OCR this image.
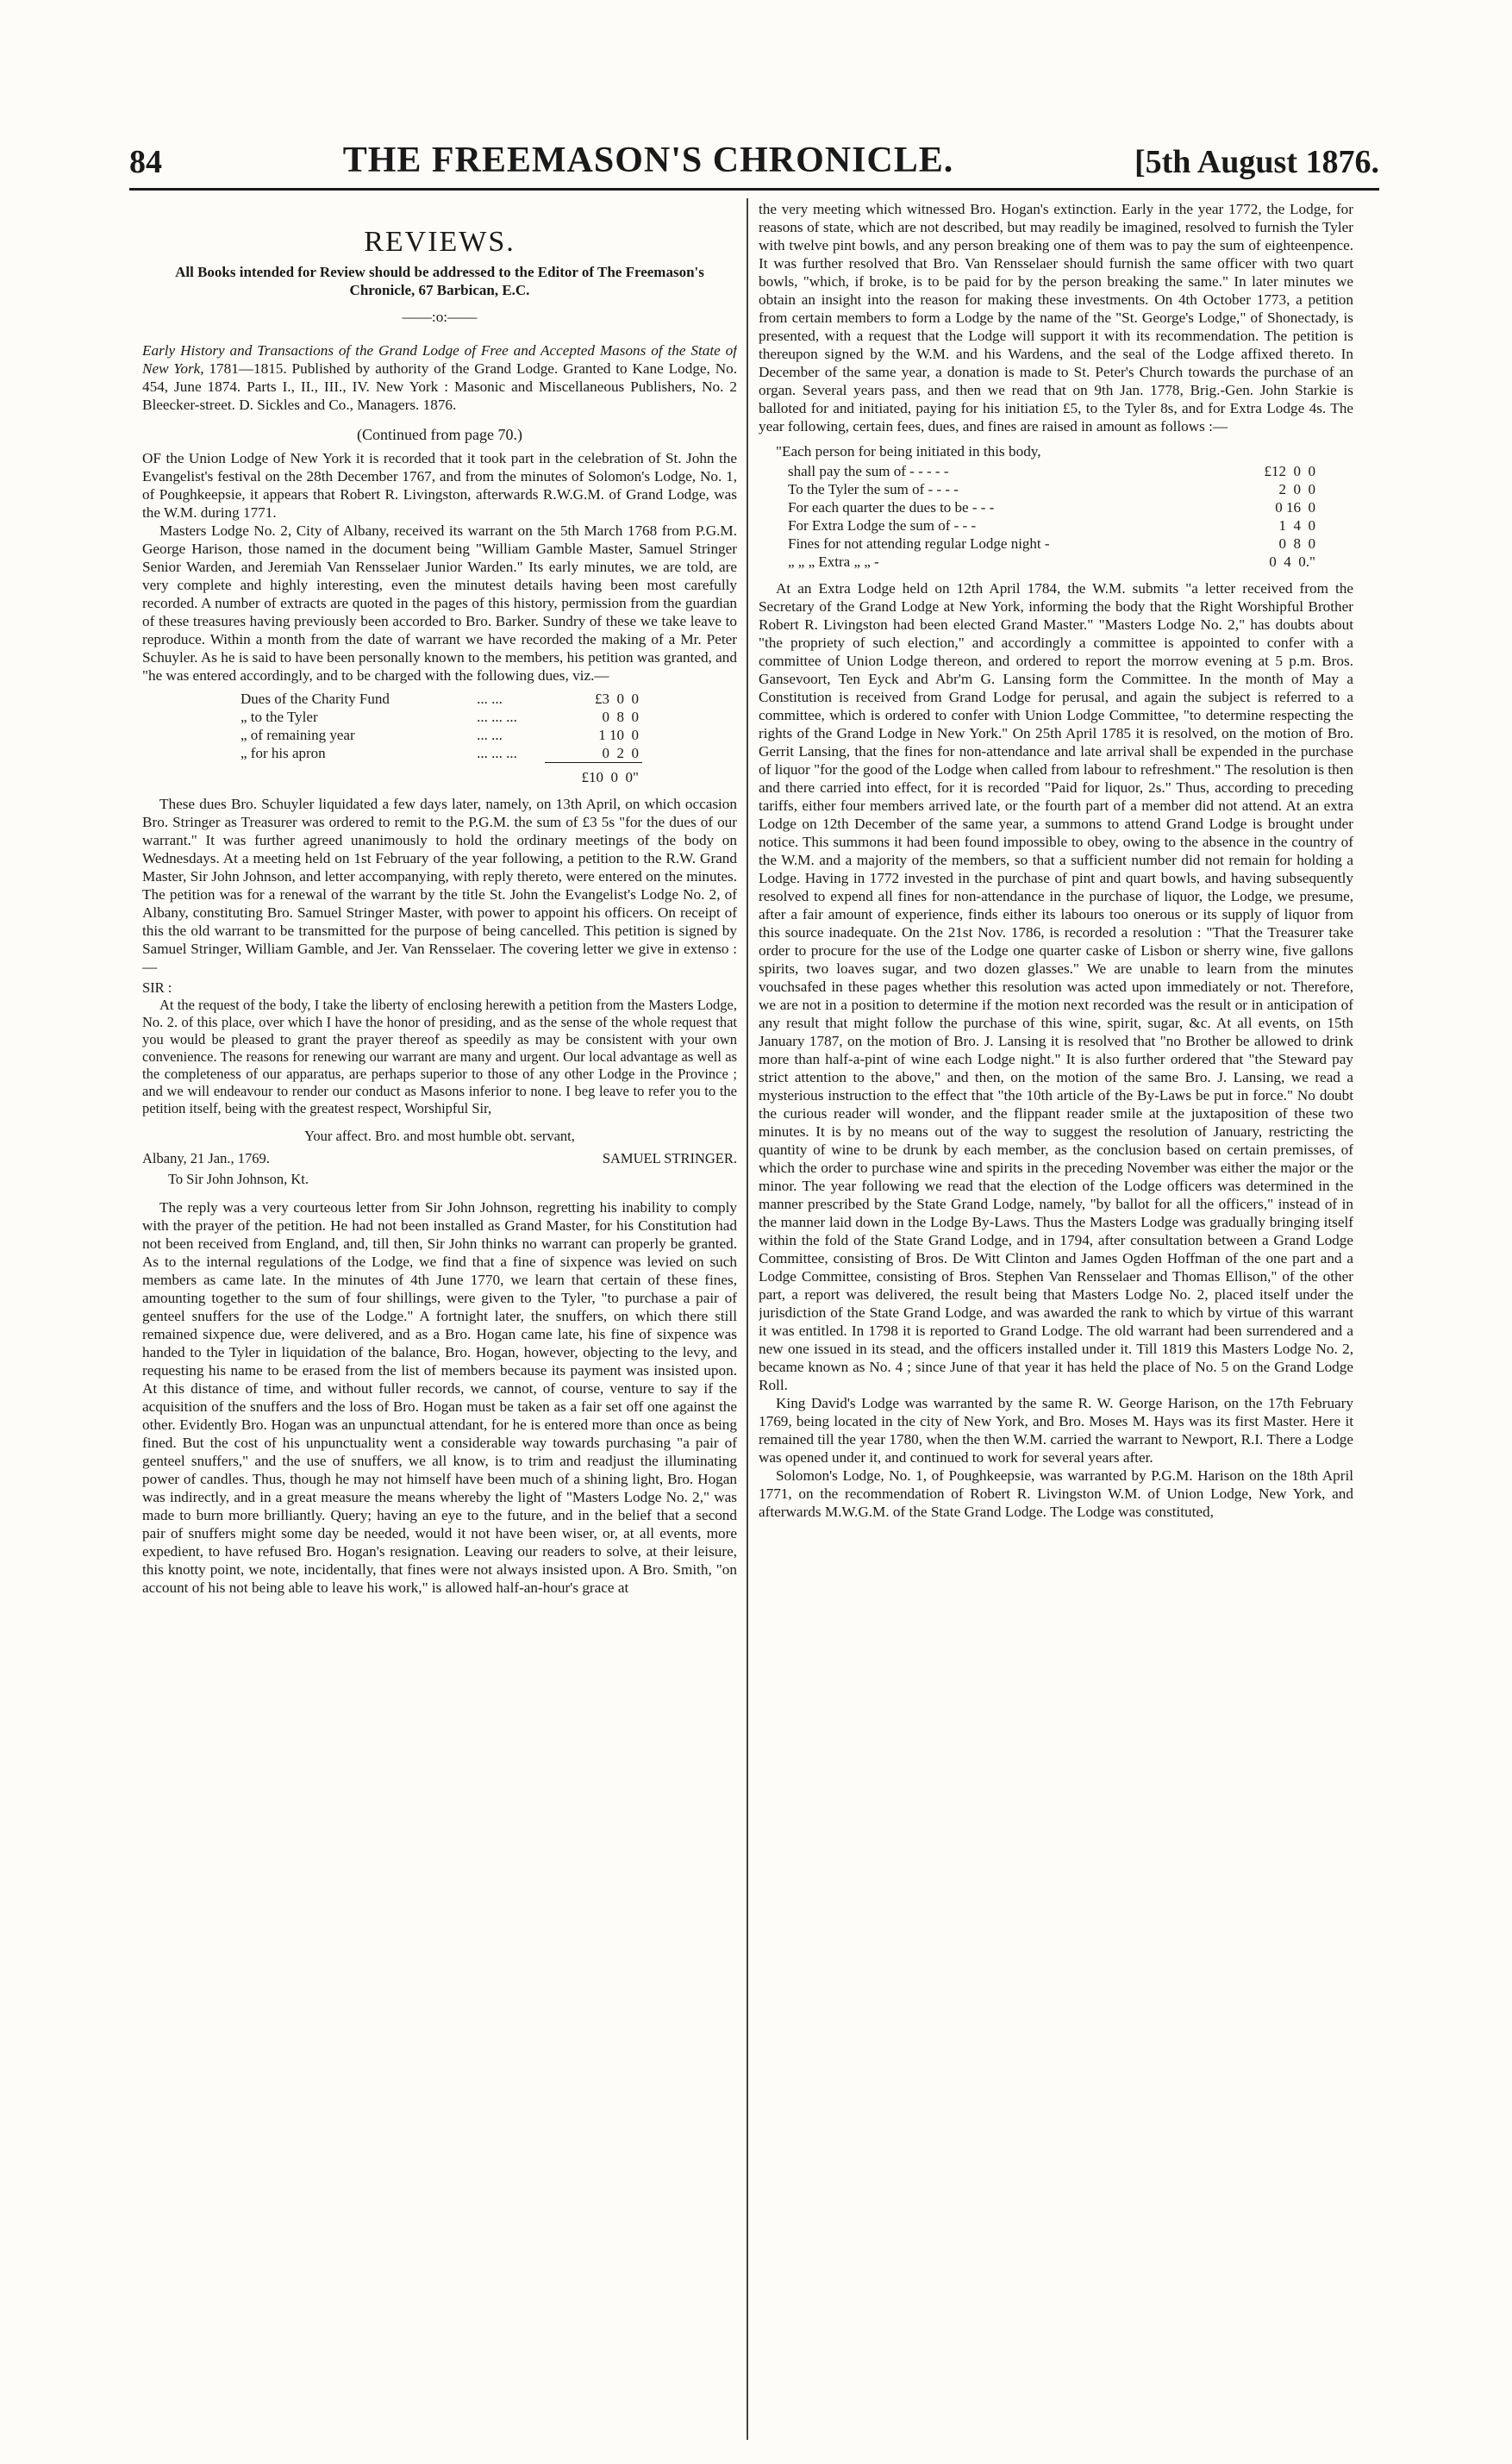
84	THE FREEMASON'S CHRONICLE.	[5th August 1876.
REVIEWS.
All Books intended for Review should be addressed to the Editor of The Freemason's Chronicle, 67 Barbican, E.C.
——:o:——

Early History and Transactions of the Grand Lodge of Free and Accepted Masons of the State of New York, 1781—1815. Published by authority of the Grand Lodge. Granted to Kane Lodge, No. 454, June 1874. Parts I., II., III., IV. New York : Masonic and Miscellaneous Publishers, No. 2 Bleecker-street. D. Sickles and Co., Managers. 1876.

(Continued from page 70.)

OF the Union Lodge of New York it is recorded that it took part in the celebration of St. John the Evangelist's festival on the 28th December 1767, and from the minutes of Solomon's Lodge, No. 1, of Poughkeepsie, it appears that Robert R. Livingston, afterwards R.W.G.M. of Grand Lodge, was the W.M. during 1771.

Masters Lodge No. 2, City of Albany, received its warrant on the 5th March 1768 from P.G.M. George Harison, those named in the document being "William Gamble Master, Samuel Stringer Senior Warden, and Jeremiah Van Rensselaer Junior Warden." Its early minutes, we are told, are very complete and highly interesting, even the minutest details having been most carefully recorded. A number of extracts are quoted in the pages of this history, permission from the guardian of these treasures having previously been accorded to Bro. Barker. Sundry of these we take leave to reproduce. Within a month from the date of warrant we have recorded the making of a Mr. Peter Schuyler. As he is said to have been personally known to the members, his petition was granted, and "he was entered accordingly, and to be charged with the following dues, viz.—

Dues of the Charity Fund	... ...	£3  0  0
„ to the Tyler	... ... ...	0  8  0
„ of remaining year	... ...	1 10  0
„ for his apron	... ... ...	0  2  0
		£10  0  0"

These dues Bro. Schuyler liquidated a few days later, namely, on 13th April, on which occasion Bro. Stringer as Treasurer was ordered to remit to the P.G.M. the sum of £3 5s "for the dues of our warrant." It was further agreed unanimously to hold the ordinary meetings of the body on Wednesdays. At a meeting held on 1st February of the year following, a petition to the R.W. Grand Master, Sir John Johnson, and letter accompanying, with reply thereto, were entered on the minutes. The petition was for a renewal of the warrant by the title St. John the Evangelist's Lodge No. 2, of Albany, constituting Bro. Samuel Stringer Master, with power to appoint his officers. On receipt of this the old warrant to be transmitted for the purpose of being cancelled. This petition is signed by Samuel Stringer, William Gamble, and Jer. Van Rensselaer. The covering letter we give in extenso :—

SIR :

At the request of the body, I take the liberty of enclosing herewith a petition from the Masters Lodge, No. 2. of this place, over which I have the honor of presiding, and as the sense of the whole request that you would be pleased to grant the prayer thereof as speedily as may be consistent with your own convenience. The reasons for renewing our warrant are many and urgent. Our local advantage as well as the completeness of our apparatus, are perhaps superior to those of any other Lodge in the Province ; and we will endeavour to render our conduct as Masons inferior to none. I beg leave to refer you to the petition itself, being with the greatest respect, Worshipful Sir,

Your affect. Bro. and most humble obt. servant,

Albany, 21 Jan., 1769.	SAMUEL STRINGER.

To Sir John Johnson, Kt.

The reply was a very courteous letter from Sir John Johnson, regretting his inability to comply with the prayer of the petition. He had not been installed as Grand Master, for his Constitution had not been received from England, and, till then, Sir John thinks no warrant can properly be granted. As to the internal regulations of the Lodge, we find that a fine of sixpence was levied on such members as came late. In the minutes of 4th June 1770, we learn that certain of these fines, amounting together to the sum of four shillings, were given to the Tyler, "to purchase a pair of genteel snuffers for the use of the Lodge." A fortnight later, the snuffers, on which there still remained sixpence due, were delivered, and as a Bro. Hogan came late, his fine of sixpence was handed to the Tyler in liquidation of the balance, Bro. Hogan, however, objecting to the levy, and requesting his name to be erased from the list of members because its payment was insisted upon. At this distance of time, and without fuller records, we cannot, of course, venture to say if the acquisition of the snuffers and the loss of Bro. Hogan must be taken as a fair set off one against the other. Evidently Bro. Hogan was an unpunctual attendant, for he is entered more than once as being fined. But the cost of his unpunctuality went a considerable way towards purchasing "a pair of genteel snuffers," and the use of snuffers, we all know, is to trim and readjust the illuminating power of candles. Thus, though he may not himself have been much of a shining light, Bro. Hogan was indirectly, and in a great measure the means whereby the light of "Masters Lodge No. 2," was made to burn more brilliantly. Query; having an eye to the future, and in the belief that a second pair of snuffers might some day be needed, would it not have been wiser, or, at all events, more expedient, to have refused Bro. Hogan's resignation. Leaving our readers to solve, at their leisure, this knotty point, we note, incidentally, that fines were not always insisted upon. A Bro. Smith, "on account of his not being able to leave his work," is allowed half-an-hour's grace at

the very meeting which witnessed Bro. Hogan's extinction. Early in the year 1772, the Lodge, for reasons of state, which are not described, but may readily be imagined, resolved to furnish the Tyler with twelve pint bowls, and any person breaking one of them was to pay the sum of eighteenpence. It was further resolved that Bro. Van Rensselaer should furnish the same officer with two quart bowls, "which, if broke, is to be paid for by the person breaking the same." In later minutes we obtain an insight into the reason for making these investments. On 4th October 1773, a petition from certain members to form a Lodge by the name of the "St. George's Lodge," of Shonectady, is presented, with a request that the Lodge will support it with its recommendation. The petition is thereupon signed by the W.M. and his Wardens, and the seal of the Lodge affixed thereto. In December of the same year, a donation is made to St. Peter's Church towards the purchase of an organ. Several years pass, and then we read that on 9th Jan. 1778, Brig.-Gen. John Starkie is balloted for and initiated, paying for his initiation £5, to the Tyler 8s, and for Extra Lodge 4s. The year following, certain fees, dues, and fines are raised in amount as follows :—

"Each person for being initiated in this body,

shall pay the sum of - - - - -	£12  0  0
To the Tyler the sum of - - - -	2  0  0
For each quarter the dues to be - - -	0 16  0
For Extra Lodge the sum of - - -	1  4  0
Fines for not attending regular Lodge night -	0  8  0
„ „ „ Extra „ „ -	0  4  0."

At an Extra Lodge held on 12th April 1784, the W.M. submits "a letter received from the Secretary of the Grand Lodge at New York, informing the body that the Right Worshipful Brother Robert R. Livingston had been elected Grand Master." "Masters Lodge No. 2," has doubts about "the propriety of such election," and accordingly a committee is appointed to confer with a committee of Union Lodge thereon, and ordered to report the morrow evening at 5 p.m. Bros. Gansevoort, Ten Eyck and Abr'm G. Lansing form the Committee. In the month of May a Constitution is received from Grand Lodge for perusal, and again the subject is referred to a committee, which is ordered to confer with Union Lodge Committee, "to determine respecting the rights of the Grand Lodge in New York." On 25th April 1785 it is resolved, on the motion of Bro. Gerrit Lansing, that the fines for non-attendance and late arrival shall be expended in the purchase of liquor "for the good of the Lodge when called from labour to refreshment." The resolution is then and there carried into effect, for it is recorded "Paid for liquor, 2s." Thus, according to preceding tariffs, either four members arrived late, or the fourth part of a member did not attend. At an extra Lodge on 12th December of the same year, a summons to attend Grand Lodge is brought under notice. This summons it had been found impossible to obey, owing to the absence in the country of the W.M. and a majority of the members, so that a sufficient number did not remain for holding a Lodge. Having in 1772 invested in the purchase of pint and quart bowls, and having subsequently resolved to expend all fines for non-attendance in the purchase of liquor, the Lodge, we presume, after a fair amount of experience, finds either its labours too onerous or its supply of liquor from this source inadequate. On the 21st Nov. 1786, is recorded a resolution : "That the Treasurer take order to procure for the use of the Lodge one quarter caske of Lisbon or sherry wine, five gallons spirits, two loaves sugar, and two dozen glasses." We are unable to learn from the minutes vouchsafed in these pages whether this resolution was acted upon immediately or not. Therefore, we are not in a position to determine if the motion next recorded was the result or in anticipation of any result that might follow the purchase of this wine, spirit, sugar, &c. At all events, on 15th January 1787, on the motion of Bro. J. Lansing it is resolved that "no Brother be allowed to drink more than half-a-pint of wine each Lodge night." It is also further ordered that "the Steward pay strict attention to the above," and then, on the motion of the same Bro. J. Lansing, we read a mysterious instruction to the effect that "the 10th article of the By-Laws be put in force." No doubt the curious reader will wonder, and the flippant reader smile at the juxtaposition of these two minutes. It is by no means out of the way to suggest the resolution of January, restricting the quantity of wine to be drunk by each member, as the conclusion based on certain premisses, of which the order to purchase wine and spirits in the preceding November was either the major or the minor. The year following we read that the election of the Lodge officers was determined in the manner prescribed by the State Grand Lodge, namely, "by ballot for all the officers," instead of in the manner laid down in the Lodge By-Laws. Thus the Masters Lodge was gradually bringing itself within the fold of the State Grand Lodge, and in 1794, after consultation between a Grand Lodge Committee, consisting of Bros. De Witt Clinton and James Ogden Hoffman of the one part and a Lodge Committee, consisting of Bros. Stephen Van Rensselaer and Thomas Ellison," of the other part, a report was delivered, the result being that Masters Lodge No. 2, placed itself under the jurisdiction of the State Grand Lodge, and was awarded the rank to which by virtue of this warrant it was entitled. In 1798 it is reported to Grand Lodge. The old warrant had been surrendered and a new one issued in its stead, and the officers installed under it. Till 1819 this Masters Lodge No. 2, became known as No. 4 ; since June of that year it has held the place of No. 5 on the Grand Lodge Roll.

King David's Lodge was warranted by the same R. W. George Harison, on the 17th February 1769, being located in the city of New York, and Bro. Moses M. Hays was its first Master. Here it remained till the year 1780, when the then W.M. carried the warrant to Newport, R.I. There a Lodge was opened under it, and continued to work for several years after.

Solomon's Lodge, No. 1, of Poughkeepsie, was warranted by P.G.M. Harison on the 18th April 1771, on the recommendation of Robert R. Livingston W.M. of Union Lodge, New York, and afterwards M.W.G.M. of the State Grand Lodge. The Lodge was constituted,
